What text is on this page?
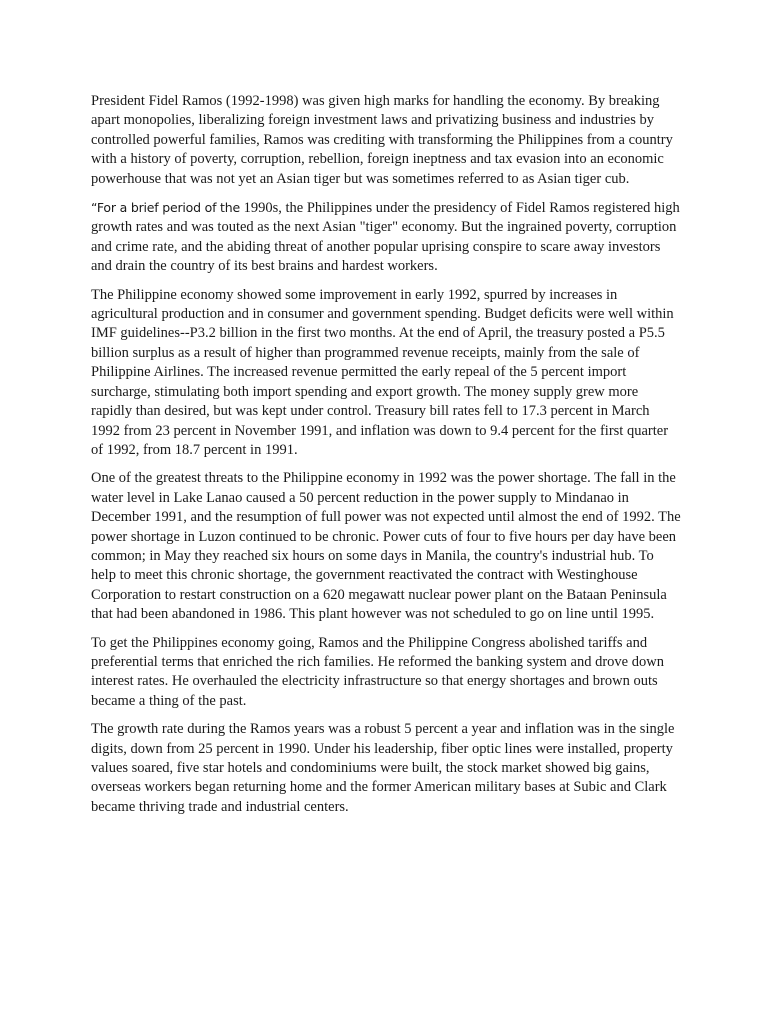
President Fidel Ramos (1992-1998) was given high marks for handling the economy. By breaking apart monopolies, liberalizing foreign investment laws and privatizing business and industries by controlled powerful families, Ramos was crediting with transforming the Philippines from a country with a history of poverty, corruption, rebellion, foreign ineptness and tax evasion into an economic powerhouse that was not yet an Asian tiger but was sometimes referred to as Asian tiger cub.

“For a brief period of the 1990s, the Philippines under the presidency of Fidel Ramos registered high growth rates and was touted as the next Asian "tiger" economy. But the ingrained poverty, corruption and crime rate, and the abiding threat of another popular uprising conspire to scare away investors and drain the country of its best brains and hardest workers.

The Philippine economy showed some improvement in early 1992, spurred by increases in agricultural production and in consumer and government spending. Budget deficits were well within IMF guidelines--P3.2 billion in the first two months. At the end of April, the treasury posted a P5.5 billion surplus as a result of higher than programmed revenue receipts, mainly from the sale of Philippine Airlines. The increased revenue permitted the early repeal of the 5 percent import surcharge, stimulating both import spending and export growth. The money supply grew more rapidly than desired, but was kept under control. Treasury bill rates fell to 17.3 percent in March 1992 from 23 percent in November 1991, and inflation was down to 9.4 percent for the first quarter of 1992, from 18.7 percent in 1991.

One of the greatest threats to the Philippine economy in 1992 was the power shortage. The fall in the water level in Lake Lanao caused a 50 percent reduction in the power supply to Mindanao in December 1991, and the resumption of full power was not expected until almost the end of 1992. The power shortage in Luzon continued to be chronic. Power cuts of four to five hours per day have been common; in May they reached six hours on some days in Manila, the country's industrial hub. To help to meet this chronic shortage, the government reactivated the contract with Westinghouse Corporation to restart construction on a 620 megawatt nuclear power plant on the Bataan Peninsula that had been abandoned in 1986. This plant however was not scheduled to go on line until 1995.

To get the Philippines economy going, Ramos and the Philippine Congress abolished tariffs and preferential terms that enriched the rich families. He reformed the banking system and drove down interest rates. He overhauled the electricity infrastructure so that energy shortages and brown outs became a thing of the past.

The growth rate during the Ramos years was a robust 5 percent a year and inflation was in the single digits, down from 25 percent in 1990. Under his leadership, fiber optic lines were installed, property values soared, five star hotels and condominiums were built, the stock market showed big gains, overseas workers began returning home and the former American military bases at Subic and Clark became thriving trade and industrial centers.
